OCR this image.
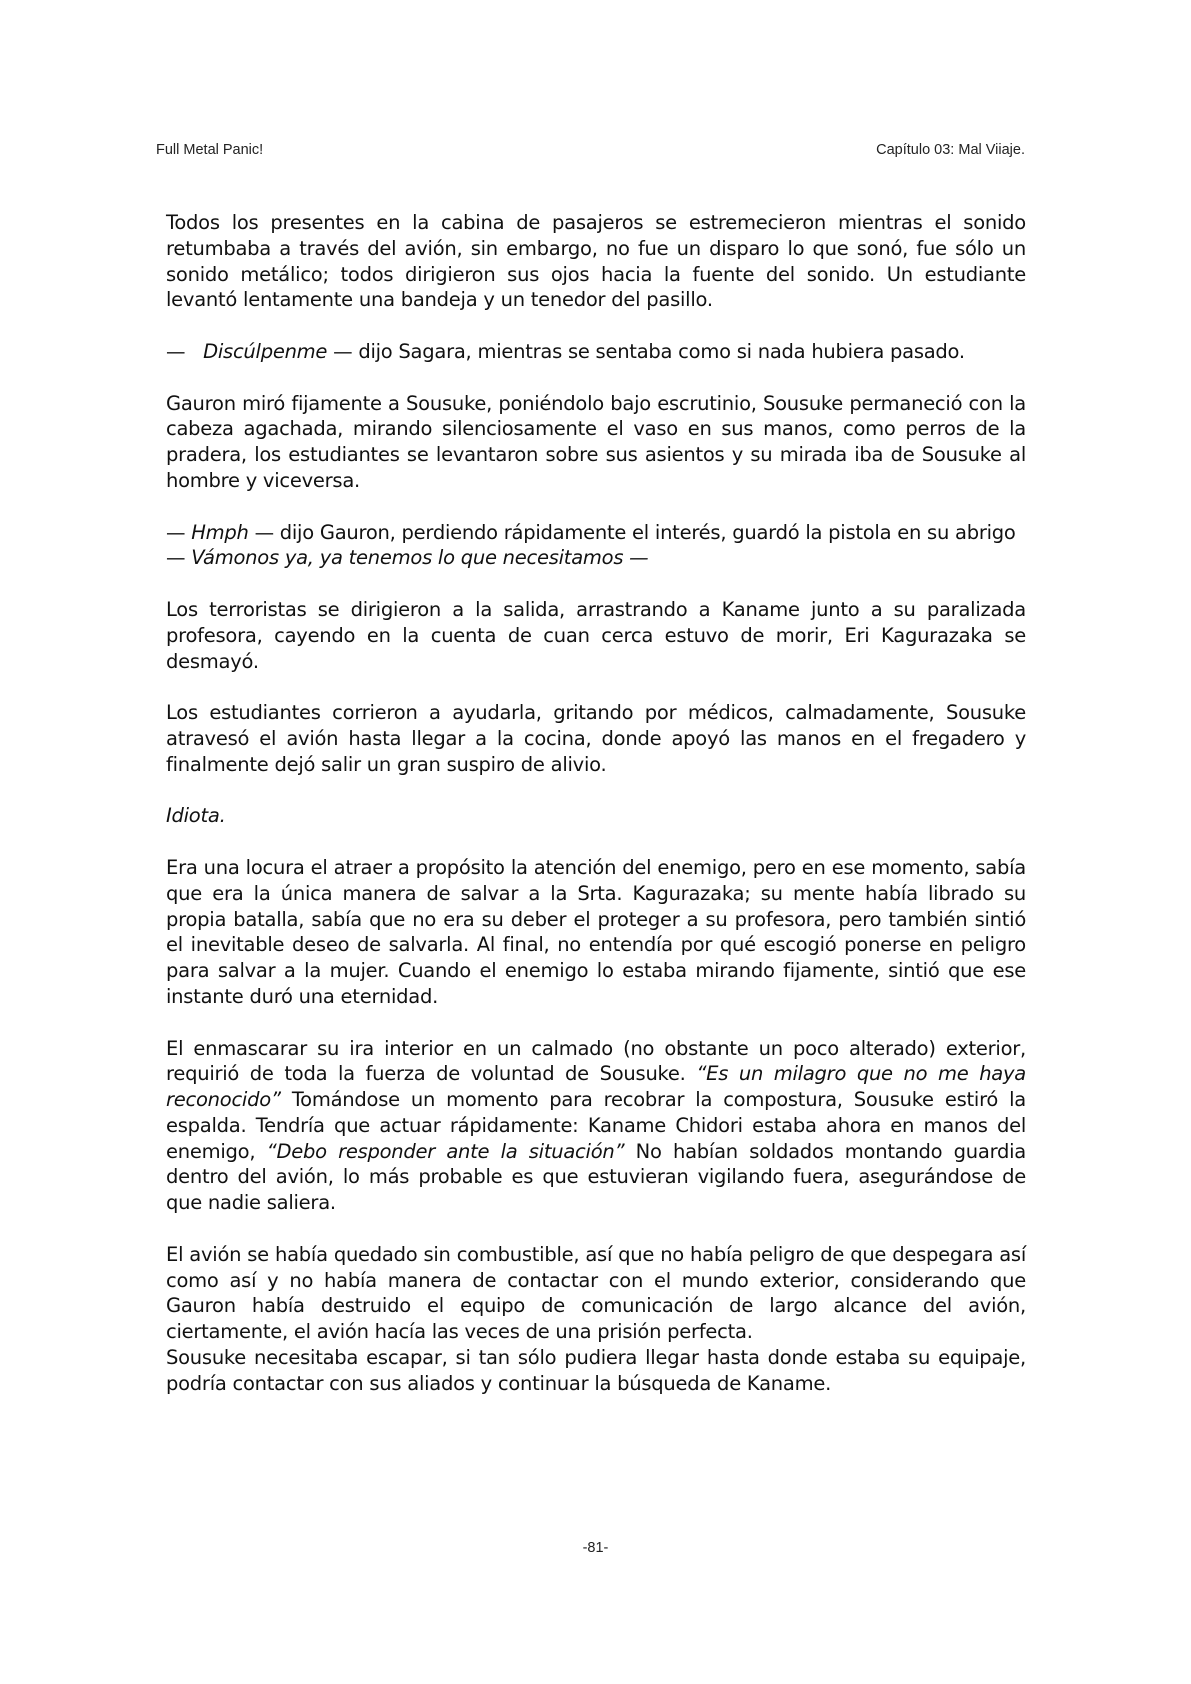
Full Metal Panic!	Capítulo 03: Mal Viiaje.

Todos los presentes en la cabina de pasajeros se estremecieron mientras el sonido retumbaba a través del avión, sin embargo, no fue un disparo lo que sonó, fue sólo un sonido metálico; todos dirigieron sus ojos hacia la fuente del sonido. Un estudiante levantó lentamente una bandeja y un tenedor del pasillo.

— Discúlpenme — dijo Sagara, mientras se sentaba como si nada hubiera pasado.

Gauron miró fijamente a Sousuke, poniéndolo bajo escrutinio, Sousuke permaneció con la cabeza agachada, mirando silenciosamente el vaso en sus manos, como perros de la pradera, los estudiantes se levantaron sobre sus asientos y su mirada iba de Sousuke al hombre y viceversa.

— Hmph — dijo Gauron, perdiendo rápidamente el interés, guardó la pistola en su abrigo

— Vámonos ya, ya tenemos lo que necesitamos —

Los terroristas se dirigieron a la salida, arrastrando a Kaname junto a su paralizada profesora, cayendo en la cuenta de cuan cerca estuvo de morir, Eri Kagurazaka se desmayó.

Los estudiantes corrieron a ayudarla, gritando por médicos, calmadamente, Sousuke atravesó el avión hasta llegar a la cocina, donde apoyó las manos en el fregadero y finalmente dejó salir un gran suspiro de alivio.

Idiota.

Era una locura el atraer a propósito la atención del enemigo, pero en ese momento, sabía que era la única manera de salvar a la Srta. Kagurazaka; su mente había librado su propia batalla, sabía que no era su deber el proteger a su profesora, pero también sintió el inevitable deseo de salvarla. Al final, no entendía por qué escogió ponerse en peligro para salvar a la mujer. Cuando el enemigo lo estaba mirando fijamente, sintió que ese instante duró una eternidad.

El enmascarar su ira interior en un calmado (no obstante un poco alterado) exterior, requirió de toda la fuerza de voluntad de Sousuke. “Es un milagro que no me haya reconocido” Tomándose un momento para recobrar la compostura, Sousuke estiró la espalda. Tendría que actuar rápidamente: Kaname Chidori estaba ahora en manos del enemigo, “Debo responder ante la situación” No habían soldados montando guardia dentro del avión, lo más probable es que estuvieran vigilando fuera, asegurándose de que nadie saliera.

El avión se había quedado sin combustible, así que no había peligro de que despegara así como así y no había manera de contactar con el mundo exterior, considerando que Gauron había destruido el equipo de comunicación de largo alcance del avión, ciertamente, el avión hacía las veces de una prisión perfecta.

Sousuke necesitaba escapar, si tan sólo pudiera llegar hasta donde estaba su equipaje, podría contactar con sus aliados y continuar la búsqueda de Kaname.

-81-
